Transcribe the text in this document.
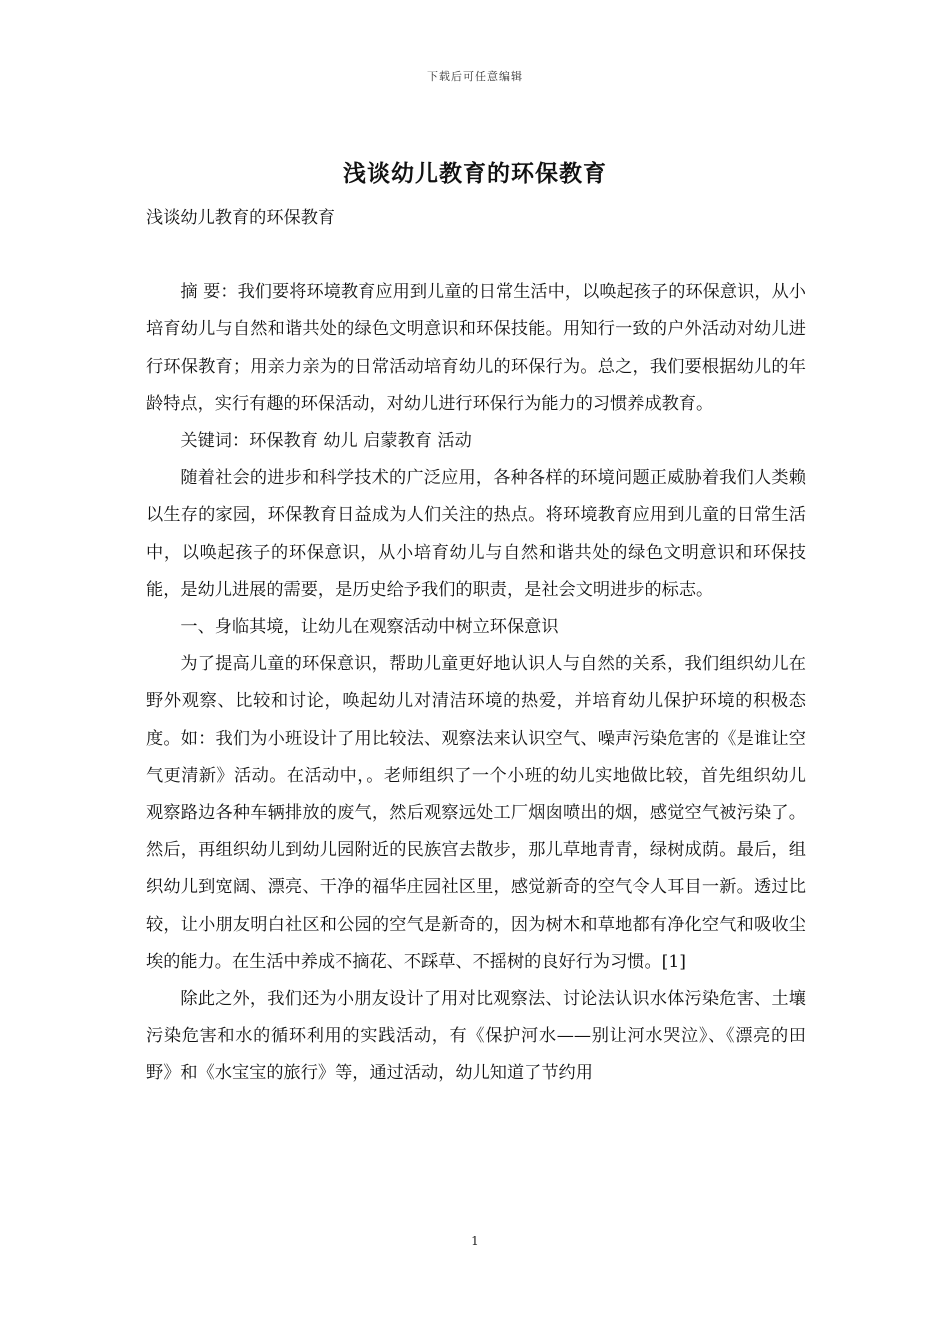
下载后可任意编辑
浅谈幼儿教育的环保教育

浅谈幼儿教育的环保教育

摘 要：我们要将环境教育应用到儿童的日常生活中，以唤起孩子的环保意识，从小培育幼儿与自然和谐共处的绿色文明意识和环保技能。用知行一致的户外活动对幼儿进行环保教育；用亲力亲为的日常活动培育幼儿的环保行为。总之，我们要根据幼儿的年龄特点，实行有趣的环保活动，对幼儿进行环保行为能力的习惯养成教育。

关键词：环保教育 幼儿 启蒙教育 活动

随着社会的进步和科学技术的广泛应用，各种各样的环境问题正威胁着我们人类赖以生存的家园，环保教育日益成为人们关注的热点。将环境教育应用到儿童的日常生活中，以唤起孩子的环保意识，从小培育幼儿与自然和谐共处的绿色文明意识和环保技能，是幼儿进展的需要，是历史给予我们的职责，是社会文明进步的标志。

一、身临其境，让幼儿在观察活动中树立环保意识

为了提高儿童的环保意识，帮助儿童更好地认识人与自然的关系，我们组织幼儿在野外观察、比较和讨论，唤起幼儿对清洁环境的热爱，并培育幼儿保护环境的积极态度。如：我们为小班设计了用比较法、观察法来认识空气、噪声污染危害的《是谁让空气更清新》活动。在活动中，。老师组织了一个小班的幼儿实地做比较，首先组织幼儿观察路边各种车辆排放的废气，然后观察远处工厂烟囱喷出的烟，感觉空气被污染了。然后，再组织幼儿到幼儿园附近的民族宫去散步，那儿草地青青，绿树成荫。最后，组织幼儿到宽阔、漂亮、干净的福华庄园社区里，感觉新奇的空气令人耳目一新。透过比较，让小朋友明白社区和公园的空气是新奇的，因为树木和草地都有净化空气和吸收尘埃的能力。在生活中养成不摘花、不踩草、不摇树的良好行为习惯。[1]

除此之外，我们还为小朋友设计了用对比观察法、讨论法认识水体污染危害、土壤污染危害和水的循环利用的实践活动，有《保护河水——别让河水哭泣》、《漂亮的田野》和《水宝宝的旅行》等，通过活动，幼儿知道了节约用

1
